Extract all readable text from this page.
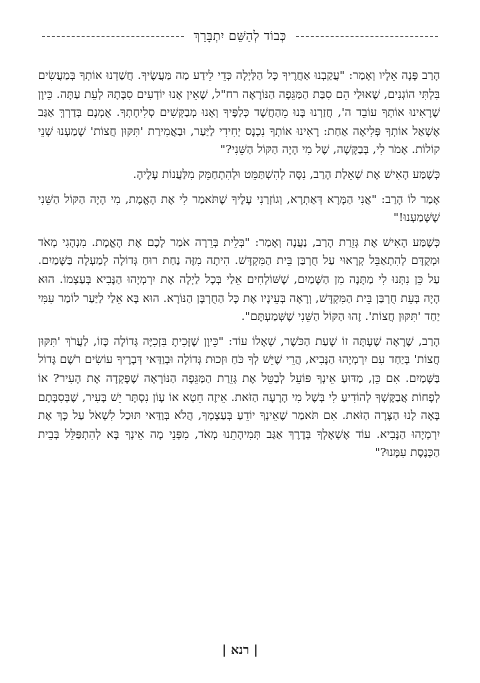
כְּבוֹד לְהַשֵּׁם יִתְבָּרַךְ

הָרַב פָּנָה אֵלָיו וְאָמַר: "עֲקַבְנוּ אַחֲרֶיךָ כָּל הַלַּיְלָה כְּדֵי לֵידַע מַה מַּעֲשֶׂיךָ. חֲשַׁדְנוּ אוֹתְךָ בְּמַעֲשִׂים בִּלְתִּי הוֹגְנִים, שֶׁאוּלַי הֵם סִבַּת הַמַּגֵּפָה הַנּוֹרָאָה רח"ל, שֶׁאֵין אָנוּ יוֹדְעִים סִבָּתָהּ לְעֵת עַתָּה. כֵּיוָן שֶׁרָאִינוּ אוֹתְךָ עוֹבֵד ה', חֲזַרְנוּ בָּנוּ מֵהַחֲשָׁד כְּלַפֶּיךָ וְאָנוּ מְבַקְּשִׁים סְלִיחָתְךָ. אֻמְנָם בְּדַרְךְּ אַגַּב אֶשְׁאַל אוֹתְךָ פְּלִיאָה אַחַת: רָאִינוּ אוֹתְךָ נִכְנָס יְחִידִי לַיַּעַר, וּבַאֲמִירַת 'תִּקּוּן חֲצוֹת' שָׁמַעְנוּ שְׁנֵי קוֹלוֹת. אָמֹר לִי, בְּבַקָּשָׁה, שֶׁל מִי הָיָה הַקּוֹל הַשֵּׁנִי?"

כְּשֶׁמַּע הָאִישׁ אֶת שְׁאֵלַת הָרַב, נִסָּה לְהִשְׁתַּמֵּט וּלְהִתְחַמֵּק מִלַּעֲנוֹת עָלֶיהָ.

אָמַר לוֹ הָרַב: "אֲנִי הַמָּרָא דְּאַתְרָא, וְגוֹזְרַנִי עָלֶיךָ שֶׁתֹּאמַר לִי אֶת הָאֱמֶת, מִי הָיָה הַקּוֹל הַשֵּׁנִי שֶׁשָּׁמַעְנוּ!"

כְּשֶׁמַּע הָאִישׁ אֶת גְּזֵרַת הָרַב, נַעֲנָה וְאָמַר: "בְּלֵית בְּרֵרָה אֹמַר לָכֶם אֶת הָאֱמֶת. מִנְהָגִי מְאֹד וּמְקֻדָּם לְהִתְאַבֵּל קְרָאוּי עַל חֻרְבַּן בֵּית הַמִּקְדָּשׁ. הִיתָה מִזֶּה נַחַת רוּחַ גְּדוֹלָה לְמַעְלָה בַּשָּׁמַיִם. עַל כֵּן נִתְּנוּ לִי מַתָּנָה מִן הַשָּׁמַיִם, שֶׁשּׁוֹלְחִים אֵלַי בְּכָל לַיְלָה אֶת יִרְמְיָהוּ הַנָּבִיא בְּעַצְמוֹ. הוּא הָיָה בְּעֵת חֻרְבַּן בֵּית הַמִּקְדָּשׁ, וְרָאָה בְּעֵינָיו אֶת כָּל הַחֻרְבָּן הַנּוֹרָא. הוּא בָּא אֵלַי לַיַּעַר לוֹמַר עִמִּי יַחַד 'תִּקּוּן חֲצוֹת'. זֶהוּ הַקּוֹל הַשֵּׁנִי שֶׁשְּׁמַעְתֶּם".

הָרַב, שֶׁרָאָה שֶׁעָתָּה זוֹ שָׁעַת הַכֹּשֶׁר, שְׁאָלוֹ עוֹד: "כֵּיוָן שֶׁזָּכִיתָ בִּזְכִיָּה גְּדוֹלָה כָּזוֹ, לַעֲרֹךְ 'תִּקּוּן חֲצוֹת' בְּיַחַד עִם יִרְמְיָהוּ הַנָּבִיא, הֲרֵי שֶׁיֵּשׁ לְךָ כֹּחַ וּזְכוּת גְּדוֹלָה וּבְוַדַּאי דְּבָרֶיךָ עוֹשִׂים רֹשֶׁם גָּדוֹל בַּשָּׁמַיִם. אִם כֵּן, מַדּוּעַ אֵינְךָ פּוֹעֵל לְבַטֵּל אֶת גְּזֵרַת הַמַּגֵּפָה הַנּוֹרָאָה שֶׁפָּקְדָה אֶת הָעִיר? אוֹ לְפָחוֹת אֲבַקֶּשְׁךָ לְהוֹדִיעַ לִי בְּשֶׁל מִי הָרָעָה הַזֹּאת. אֵיזֶה חֵטְא אוֹ עָוֹן נִסְתָּר יֵשׁ בָּעִיר, שֶׁבְּסִבָּתָם בָּאָה לָנוּ הַצָּרָה הַזֹּאת. אִם תֹּאמַר שֶׁאֵינְךָ יוֹדֵעַ בְּעַצְמְךָ, הֲלֹא בְּוַדַּאי תּוּכַל לִשְׁאֹל עַל כָּךְ אֶת יִרְמְיָהוּ הַנָּבִיא. עוֹד אֶשְׁאָלְךָ בְּדֶרֶךְ אַגַּב תְּמִיהָתֵנוּ מְאֹד, מִפְּנֵי מָה אֵינְךָ בָּא לְהִתְפַּלֵּל בְּבֵית הַכְּנֶסֶת עִמָּנוּ?"

| רנא |
